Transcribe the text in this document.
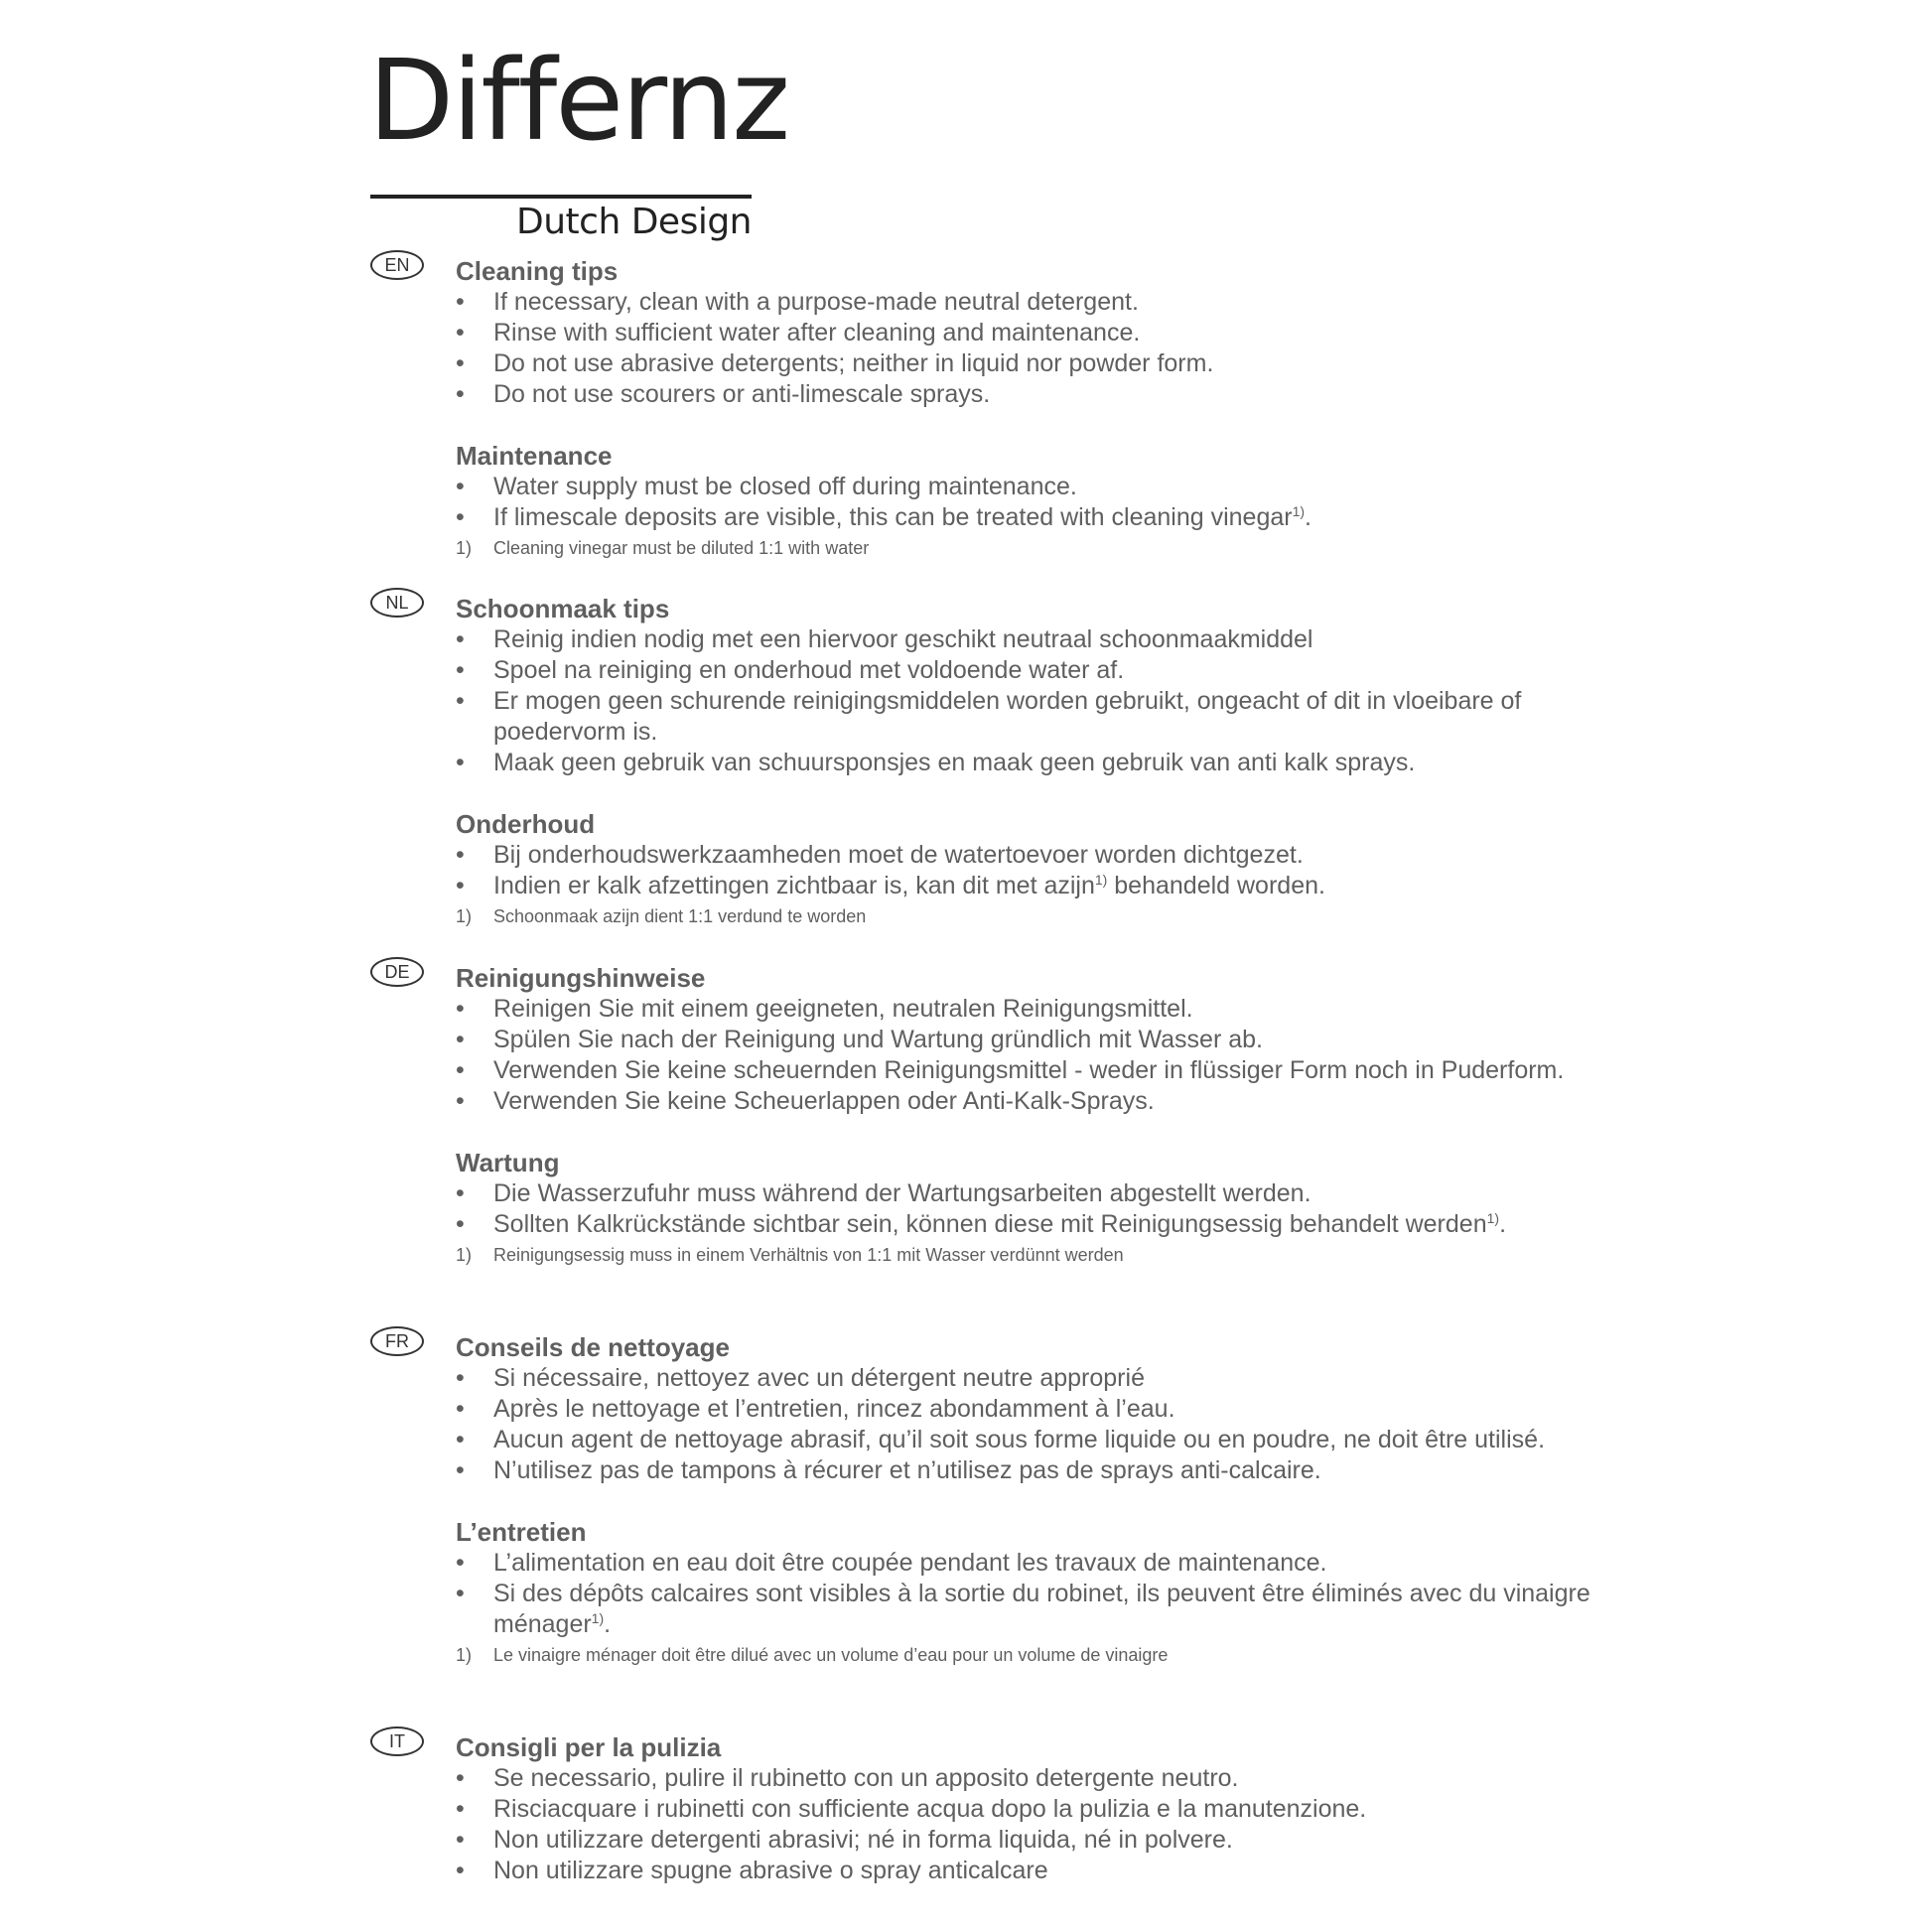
Differnz
Dutch Design
EN	Cleaning tips
• If necessary, clean with a purpose-made neutral detergent.
• Rinse with sufficient water after cleaning and maintenance.
• Do not use abrasive detergents; neither in liquid nor powder form.
• Do not use scourers or anti-limescale sprays.
Maintenance
• Water supply must be closed off during maintenance.
• If limescale deposits are visible, this can be treated with cleaning vinegar$^{1)}$.
1) Cleaning vinegar must be diluted 1:1 with water
NL	Schoonmaak tips
• Reinig indien nodig met een hiervoor geschikt neutraal schoonmaakmiddel
• Spoel na reiniging en onderhoud met voldoende water af.
• Er mogen geen schurende reinigingsmiddelen worden gebruikt, ongeacht of dit in vloeibare of poedervorm is.
• Maak geen gebruik van schuursponsjes en maak geen gebruik van anti kalk sprays.
Onderhoud
• Bij onderhoudswerkzaamheden moet de watertoevoer worden dichtgezet.
• Indien er kalk afzettingen zichtbaar is, kan dit met azijn$^{1)}$ behandeld worden.
1) Schoonmaak azijn dient 1:1 verdund te worden
DE	Reinigungshinweise
• Reinigen Sie mit einem geeigneten, neutralen Reinigungsmittel.
• Spülen Sie nach der Reinigung und Wartung gründlich mit Wasser ab.
• Verwenden Sie keine scheuernden Reinigungsmittel - weder in flüssiger Form noch in Puderform.
• Verwenden Sie keine Scheuerlappen oder Anti-Kalk-Sprays.
Wartung
• Die Wasserzufuhr muss während der Wartungsarbeiten abgestellt werden.
• Sollten Kalkrückstände sichtbar sein, können diese mit Reinigungsessig behandelt werden$^{1)}$.
1) Reinigungsessig muss in einem Verhältnis von 1:1 mit Wasser verdünnt werden
FR	Conseils de nettoyage
• Si nécessaire, nettoyez avec un détergent neutre approprié
• Après le nettoyage et l’entretien, rincez abondamment à l’eau.
• Aucun agent de nettoyage abrasif, qu’il soit sous forme liquide ou en poudre, ne doit être utilisé.
• N’utilisez pas de tampons à récurer et n’utilisez pas de sprays anti-calcaire.
L’entretien
• L’alimentation en eau doit être coupée pendant les travaux de maintenance.
• Si des dépôts calcaires sont visibles à la sortie du robinet, ils peuvent être éliminés avec du vinaigre ménager$^{1)}$.
1) Le vinaigre ménager doit être dilué avec un volume d’eau pour un volume de vinaigre
IT	Consigli per la pulizia
• Se necessario, pulire il rubinetto con un apposito detergente neutro.
• Risciacquare i rubinetti con sufficiente acqua dopo la pulizia e la manutenzione.
• Non utilizzare detergenti abrasivi; né in forma liquida, né in polvere.
• Non utilizzare spugne abrasive o spray anticalcare
